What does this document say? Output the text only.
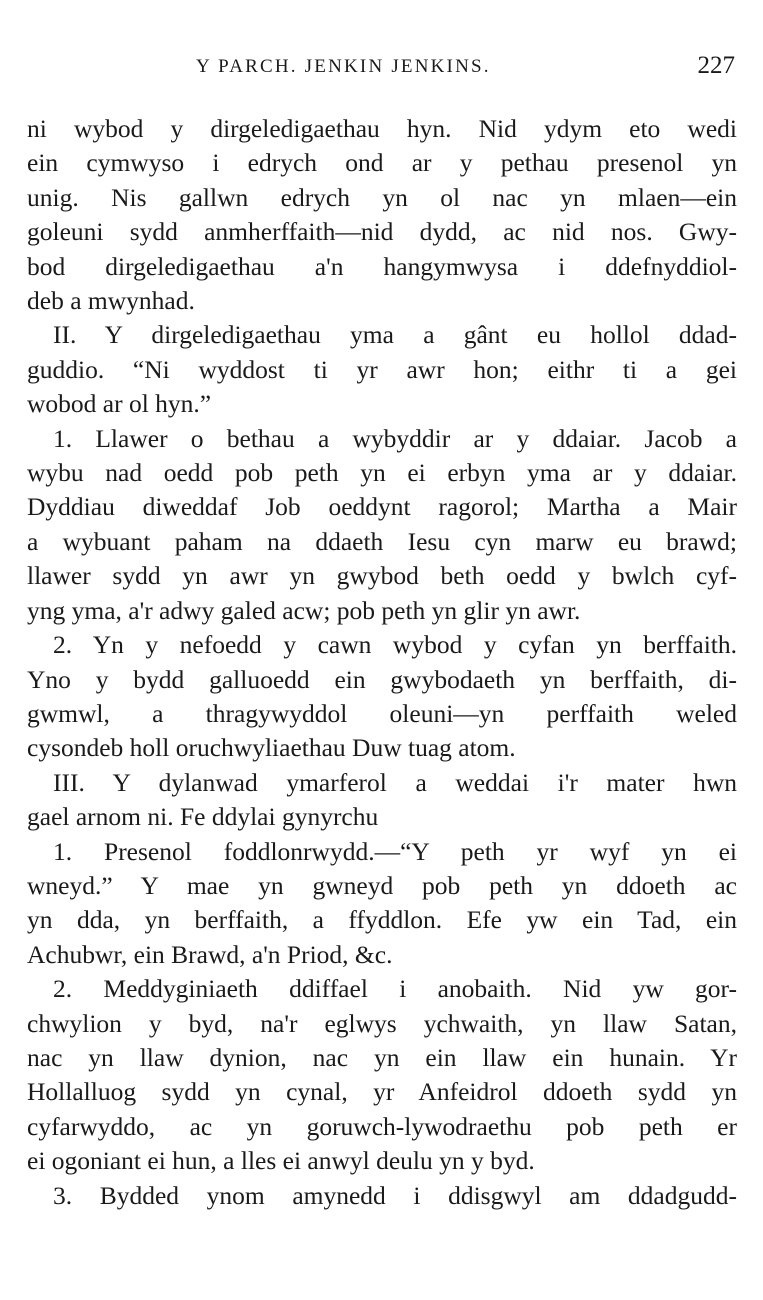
Y PARCH. JENKIN JENKINS.	227
ni wybod y dirgeledigaethau hyn. Nid ydym eto wedi
ein cymwyso i edrych ond ar y pethau presenol yn
unig. Nis gallwn edrych yn ol nac yn mlaen—ein
goleuni sydd anmherffaith—nid dydd, ac nid nos. Gwy-
bod dirgeledigaethau a'n hangymwysa i ddefnyddiol-
deb a mwynhad.
II. Y dirgeledigaethau yma a gânt eu hollol ddad-
guddio. “Ni wyddost ti yr awr hon; eithr ti a gei
wobod ar ol hyn.”
1. Llawer o bethau a wybyddir ar y ddaiar. Jacob a
wybu nad oedd pob peth yn ei erbyn yma ar y ddaiar.
Dyddiau diweddaf Job oeddynt ragorol; Martha a Mair
a wybuant paham na ddaeth Iesu cyn marw eu brawd;
llawer sydd yn awr yn gwybod beth oedd y bwlch cyf-
yng yma, a'r adwy galed acw; pob peth yn glir yn awr.
2. Yn y nefoedd y cawn wybod y cyfan yn berffaith.
Yno y bydd galluoedd ein gwybodaeth yn berffaith, di-
gwmwl, a thragywyddol oleuni—yn perffaith weled
cysondeb holl oruchwyliaethau Duw tuag atom.
III. Y dylanwad ymarferol a weddai i'r mater hwn
gael arnom ni. Fe ddylai gynyrchu
1. Presenol foddlonrwydd.—“Y peth yr wyf yn ei
wneyd.” Y mae yn gwneyd pob peth yn ddoeth ac
yn dda, yn berffaith, a ffyddlon. Efe yw ein Tad, ein
Achubwr, ein Brawd, a'n Priod, &c.
2. Meddyginiaeth ddiffael i anobaith. Nid yw gor-
chwylion y byd, na'r eglwys ychwaith, yn llaw Satan,
nac yn llaw dynion, nac yn ein llaw ein hunain. Yr
Hollalluog sydd yn cynal, yr Anfeidrol ddoeth sydd yn
cyfarwyddo, ac yn goruwch-lywodraethu pob peth er
ei ogoniant ei hun, a lles ei anwyl deulu yn y byd.
3. Bydded ynom amynedd i ddisgwyl am ddadgudd-
